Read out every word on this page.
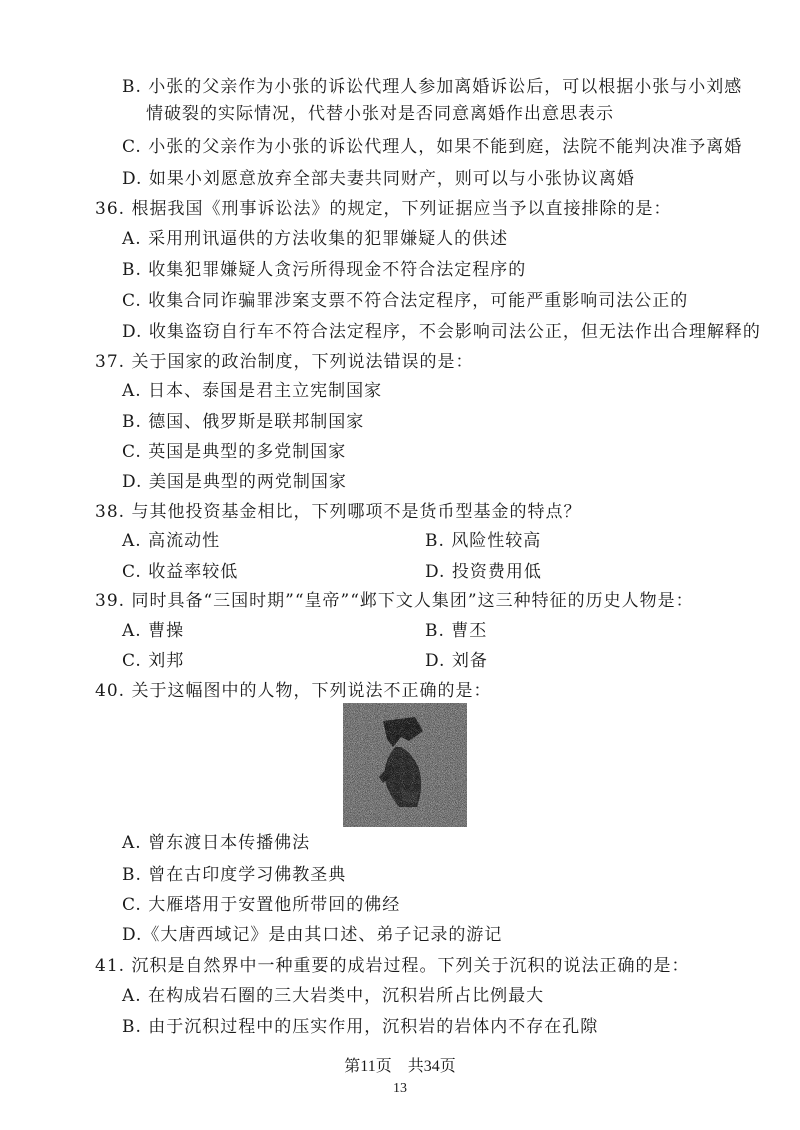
B. 小张的父亲作为小张的诉讼代理人参加离婚诉讼后，可以根据小张与小刘感
情破裂的实际情况，代替小张对是否同意离婚作出意思表示
C. 小张的父亲作为小张的诉讼代理人，如果不能到庭，法院不能判决准予离婚
D. 如果小刘愿意放弃全部夫妻共同财产，则可以与小张协议离婚
36. 根据我国《刑事诉讼法》的规定，下列证据应当予以直接排除的是：
A. 采用刑讯逼供的方法收集的犯罪嫌疑人的供述
B. 收集犯罪嫌疑人贪污所得现金不符合法定程序的
C. 收集合同诈骗罪涉案支票不符合法定程序，可能严重影响司法公正的
D. 收集盗窃自行车不符合法定程序，不会影响司法公正，但无法作出合理解释的
37. 关于国家的政治制度，下列说法错误的是：
A. 日本、泰国是君主立宪制国家
B. 德国、俄罗斯是联邦制国家
C. 英国是典型的多党制国家
D. 美国是典型的两党制国家
38. 与其他投资基金相比，下列哪项不是货币型基金的特点？
A. 高流动性	B. 风险性较高
C. 收益率较低	D. 投资费用低
39. 同时具备“三国时期”“皇帝”“邺下文人集团”这三种特征的历史人物是：
A. 曹操	B. 曹丕
C. 刘邦	D. 刘备
40. 关于这幅图中的人物，下列说法不正确的是：
A. 曾东渡日本传播佛法
B. 曾在古印度学习佛教圣典
C. 大雁塔用于安置他所带回的佛经
D.《大唐西域记》是由其口述、弟子记录的游记
41. 沉积是自然界中一种重要的成岩过程。下列关于沉积的说法正确的是：
A. 在构成岩石圈的三大岩类中，沉积岩所占比例最大
B. 由于沉积过程中的压实作用，沉积岩的岩体内不存在孔隙
第11页　共34页
13
